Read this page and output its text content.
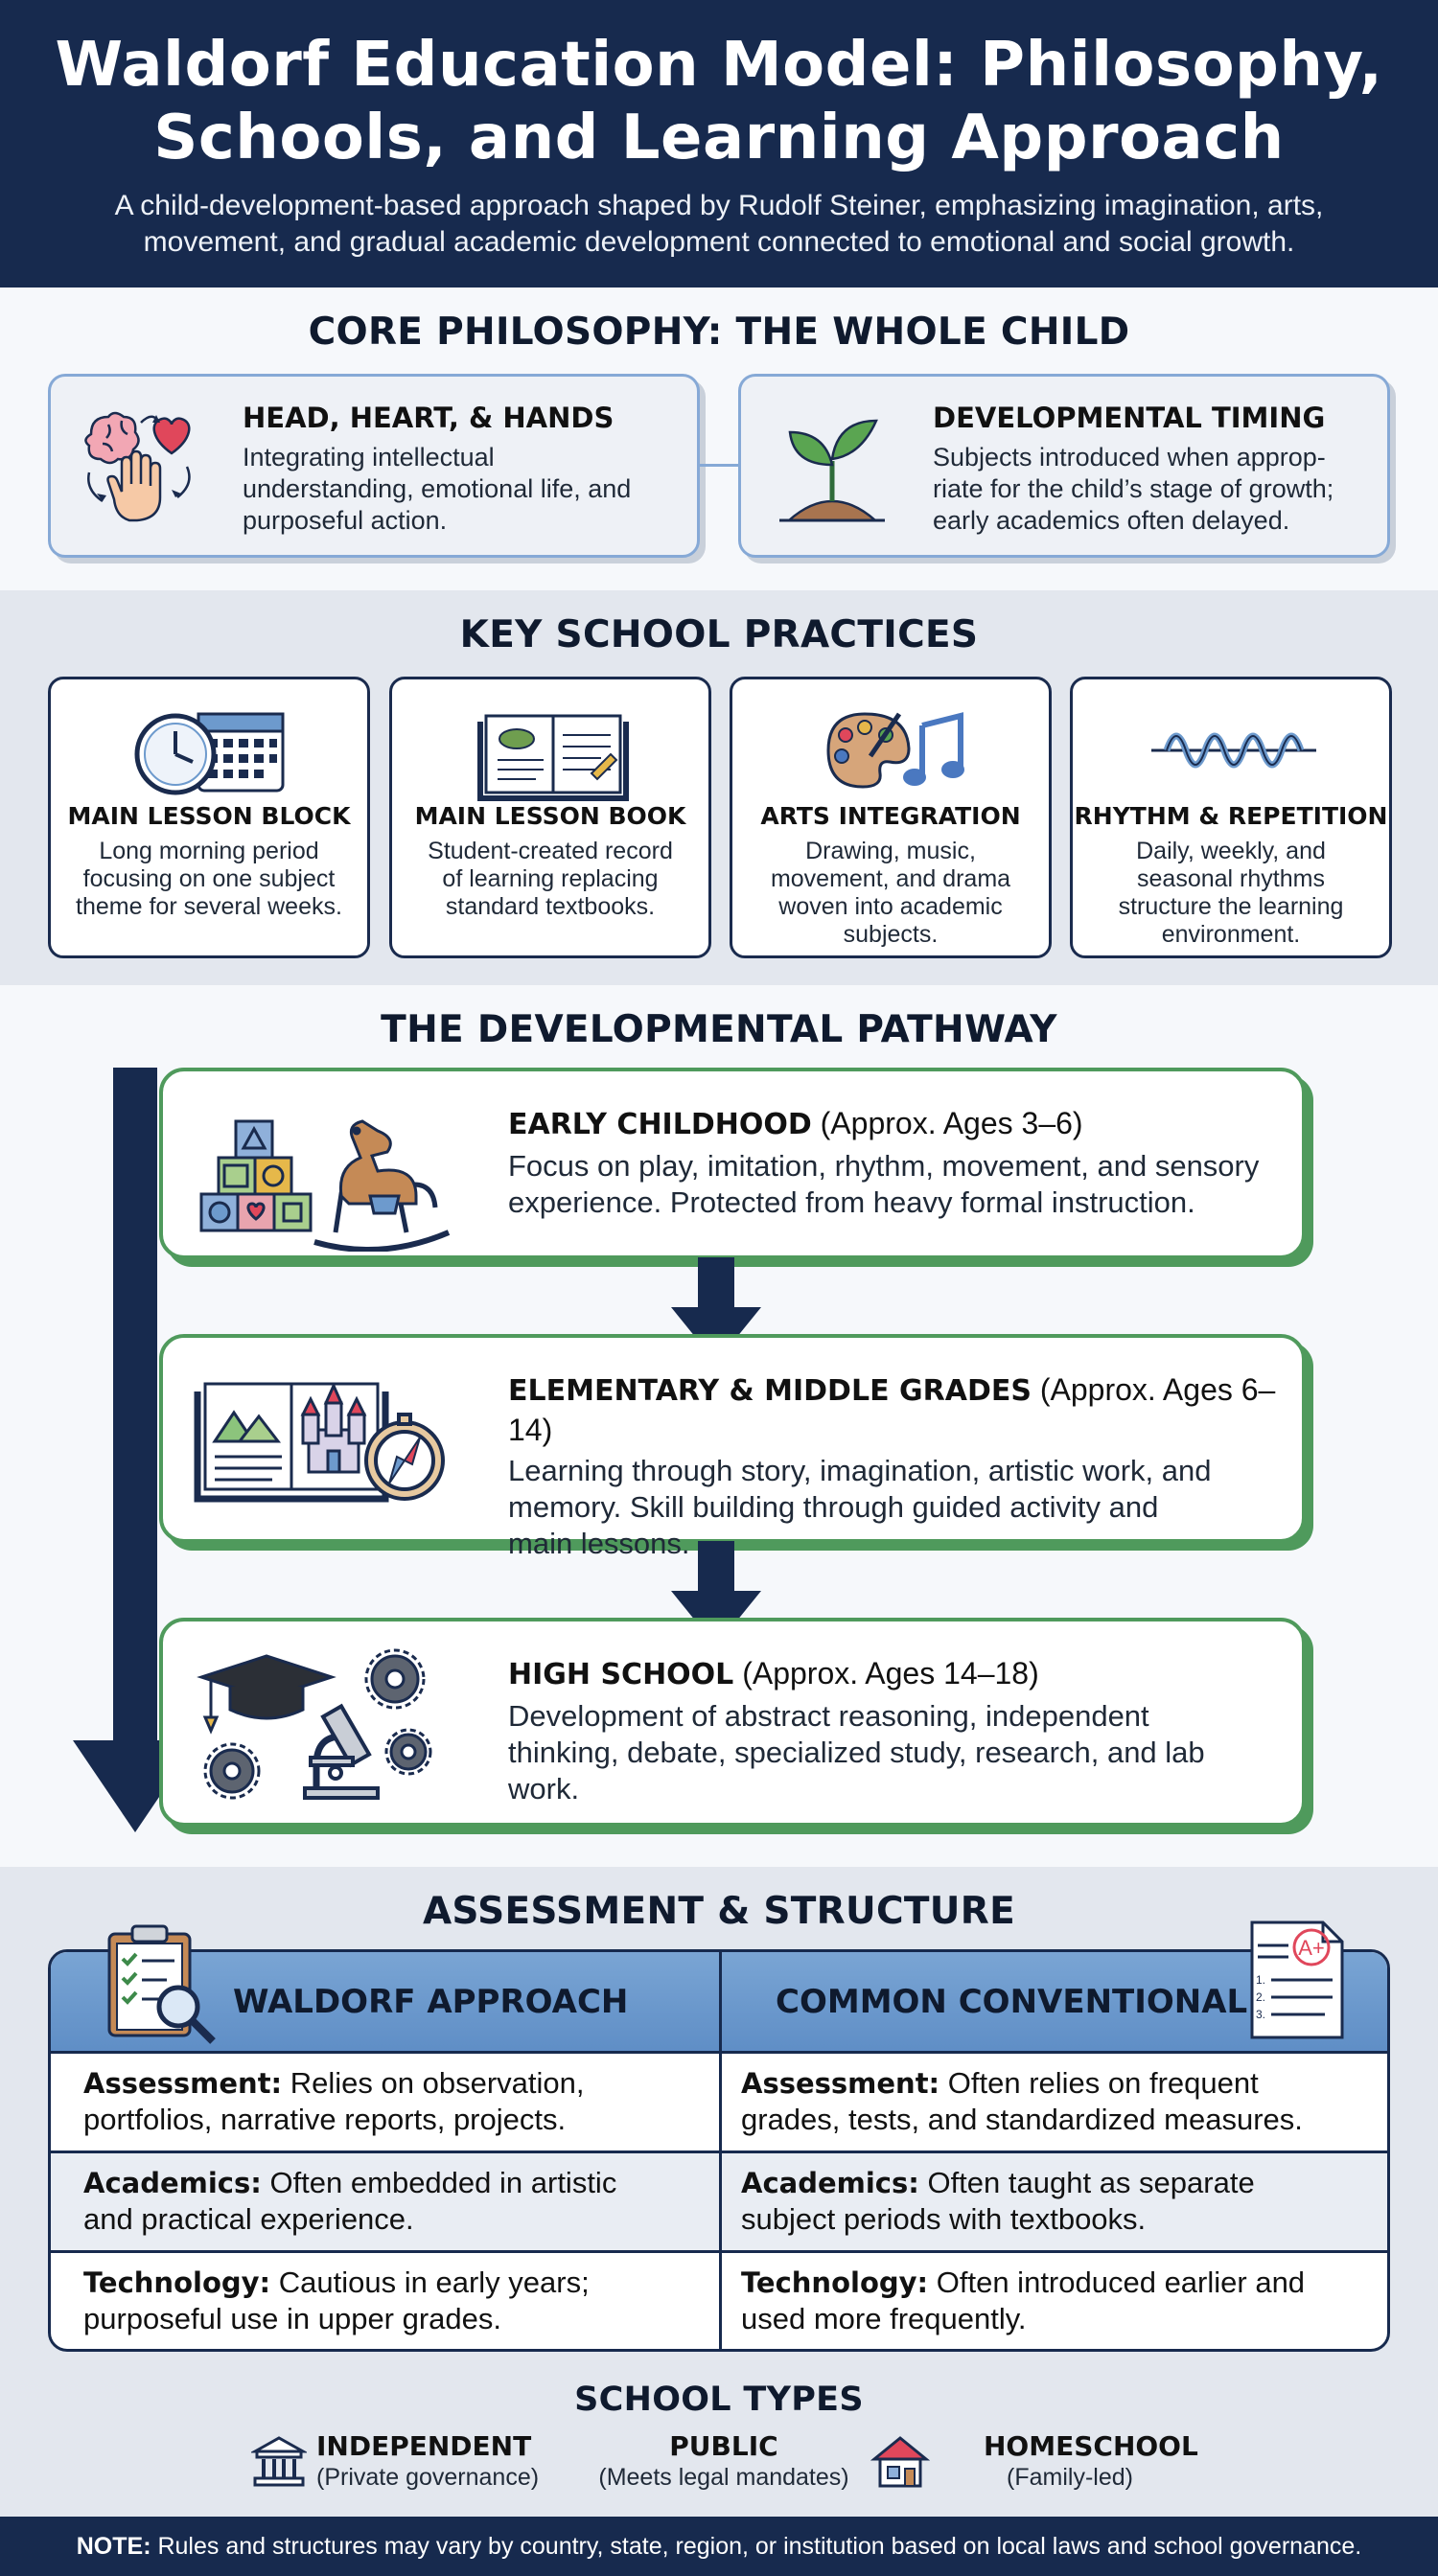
Waldorf Education Model: Philosophy,
Schools, and Learning Approach

A child-development-based approach shaped by Rudolf Steiner, emphasizing imagination, arts,
movement, and gradual academic development connected to emotional and social growth.

CORE PHILOSOPHY: THE WHOLE CHILD
HEAD, HEART, & HANDS

Integrating intellectual
understanding, emotional life, and
purposeful action.

DEVELOPMENTAL TIMING

Subjects introduced when approp-
riate for the child’s stage of growth;
early academics often delayed.

KEY SCHOOL PRACTICES
MAIN LESSON BLOCK

Long morning period
focusing on one subject
theme for several weeks.

MAIN LESSON BOOK

Student-created record
of learning replacing
standard textbooks.

ARTS INTEGRATION

Drawing, music,
movement, and drama
woven into academic
subjects.

RHYTHM & REPETITION

Daily, weekly, and
seasonal rhythms
structure the learning
environment.

THE DEVELOPMENTAL PATHWAY
EARLY CHILDHOOD (Approx. Ages 3–6)
Focus on play, imitation, rhythm, movement, and sensory
experience. Protected from heavy formal instruction.
ELEMENTARY & MIDDLE GRADES (Approx. Ages 6–14)
Learning through story, imagination, artistic work, and
memory. Skill building through guided activity and
main lessons.
HIGH SCHOOL (Approx. Ages 14–18)
Development of abstract reasoning, independent
thinking, debate, specialized study, research, and lab
work.
ASSESSMENT & STRUCTURE
WALDORF APPROACH	COMMON CONVENTIONAL
Assessment: Relies on observation,
portfolios, narrative reports, projects.
Assessment: Often relies on frequent
grades, tests, and standardized measures.
Academics: Often embedded in artistic
and practical experience.
Academics: Often taught as separate
subject periods with textbooks.
Technology: Cautious in early years;
purposeful use in upper grades.
Technology: Often introduced earlier and
used more frequently.
1.
2.
3.
A+
SCHOOL TYPES
INDEPENDENT
(Private governance)
PUBLIC
(Meets legal mandates)
HOMESCHOOL
(Family-led)
NOTE: Rules and structures may vary by country, state, region, or institution based on local laws and school governance.
